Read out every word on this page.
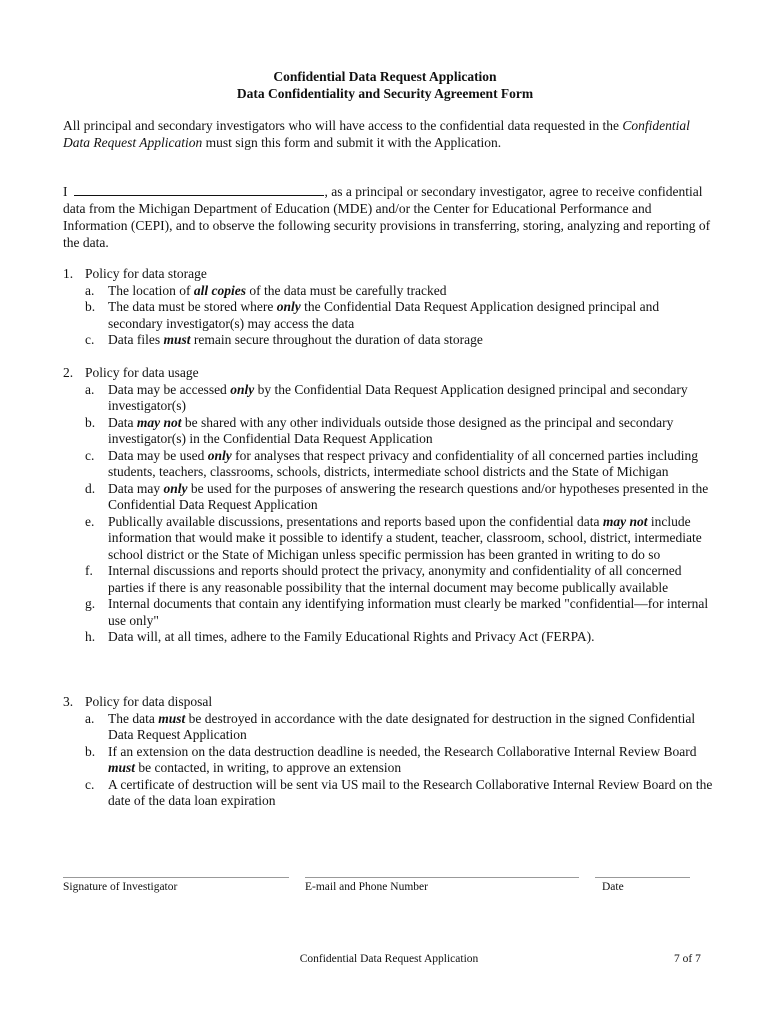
Confidential Data Request Application
Data Confidentiality and Security Agreement Form
All principal and secondary investigators who will have access to the confidential data requested in the Confidential Data Request Application must sign this form and submit it with the Application.
I	, as a principal or secondary investigator, agree to receive confidential data from the Michigan Department of Education (MDE) and/or the Center for Educational Performance and Information (CEPI), and to observe the following security provisions in transferring, storing, analyzing and reporting of the data.
1. Policy for data storage
a. The location of all copies of the data must be carefully tracked
b. The data must be stored where only the Confidential Data Request Application designed principal and secondary investigator(s) may access the data
c. Data files must remain secure throughout the duration of data storage
2. Policy for data usage
a. Data may be accessed only by the Confidential Data Request Application designed principal and secondary investigator(s)
b. Data may not be shared with any other individuals outside those designed as the principal and secondary investigator(s) in the Confidential Data Request Application
c. Data may be used only for analyses that respect privacy and confidentiality of all concerned parties including students, teachers, classrooms, schools, districts, intermediate school districts and the State of Michigan
d. Data may only be used for the purposes of answering the research questions and/or hypotheses presented in the Confidential Data Request Application
e. Publically available discussions, presentations and reports based upon the confidential data may not include information that would make it possible to identify a student, teacher, classroom, school, district, intermediate school district or the State of Michigan unless specific permission has been granted in writing to do so
f. Internal discussions and reports should protect the privacy, anonymity and confidentiality of all concerned parties if there is any reasonable possibility that the internal document may become publically available
g. Internal documents that contain any identifying information must clearly be marked "confidential—for internal use only"
h. Data will, at all times, adhere to the Family Educational Rights and Privacy Act (FERPA).
3. Policy for data disposal
a. The data must be destroyed in accordance with the date designated for destruction in the signed Confidential Data Request Application
b. If an extension on the data destruction deadline is needed, the Research Collaborative Internal Review Board must be contacted, in writing, to approve an extension
c. A certificate of destruction will be sent via US mail to the Research Collaborative Internal Review Board on the date of the data loan expiration
Signature of Investigator	E-mail and Phone Number	Date
Confidential Data Request Application	7 of 7
